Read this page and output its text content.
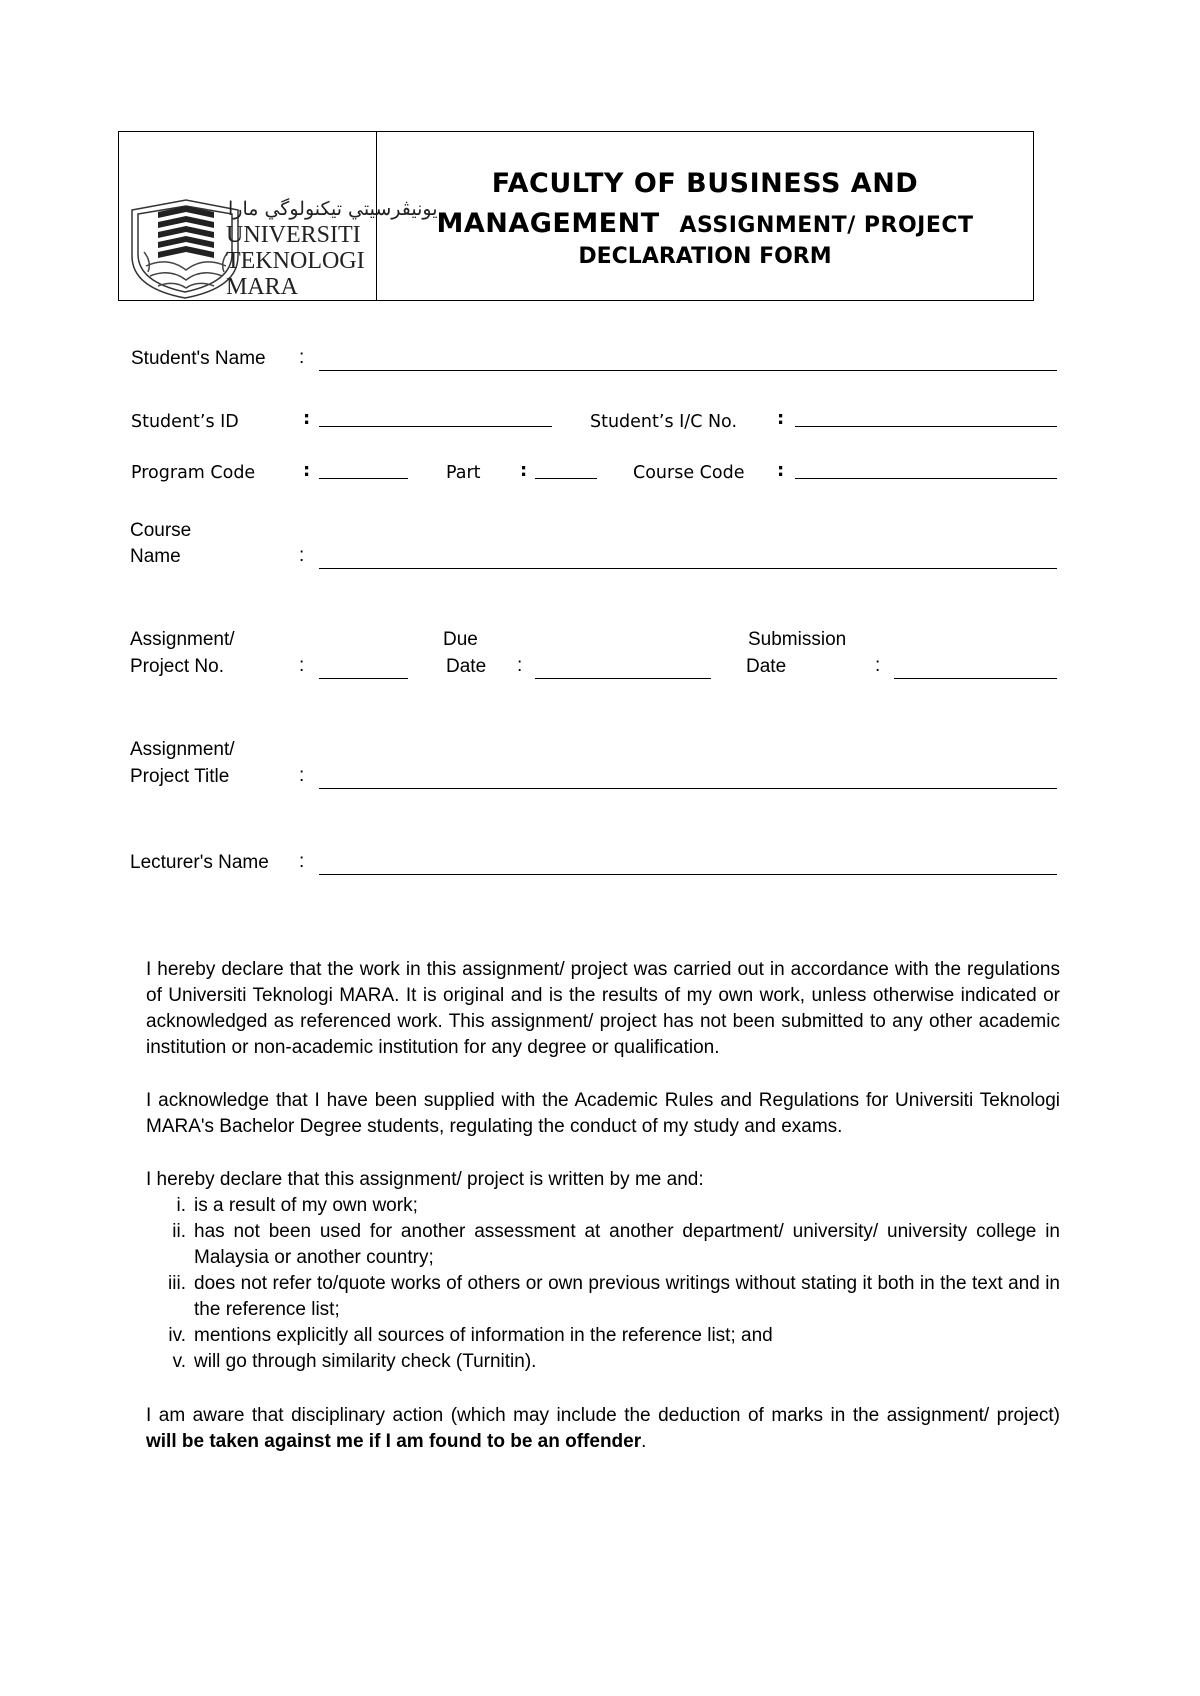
ﯾﻮﻧﯿﭭﺮﺳﯿﺘﻲ ﺗﯿﻜﻨﻮﻟﻮﮔﻲ ﻣﺎرا
UNIVERSITI
TEKNOLOGI
MARA
FACULTY OF BUSINESS AND
MANAGEMENT ASSIGNMENT/ PROJECT
DECLARATION FORM
Student's Name :
Student’s ID	:	Student’s I/C No. :
Program Code	:	Part :	Course Code :
Course
Name	:
Assignment/
Project No.	:
Due
Date :
Submission
Date	:
Assignment/
Project Title	:
Lecturer's Name :
I hereby declare that the work in this assignment/ project was carried out in accordance with the regulations of Universiti Teknologi MARA. It is original and is the results of my own work, unless otherwise indicated or acknowledged as referenced work. This assignment/ project has not been submitted to any other academic institution or non-academic institution for any degree or qualification.
I acknowledge that I have been supplied with the Academic Rules and Regulations for Universiti Teknologi MARA's Bachelor Degree students, regulating the conduct of my study and exams.
I hereby declare that this assignment/ project is written by me and:
i. is a result of my own work;
ii. has not been used for another assessment at another department/ university/ university college in Malaysia or another country;
iii. does not refer to/quote works of others or own previous writings without stating it both in the text and in the reference list;
iv. mentions explicitly all sources of information in the reference list; and
v. will go through similarity check (Turnitin).
I am aware that disciplinary action (which may include the deduction of marks in the assignment/ project) will be taken against me if I am found to be an offender.
